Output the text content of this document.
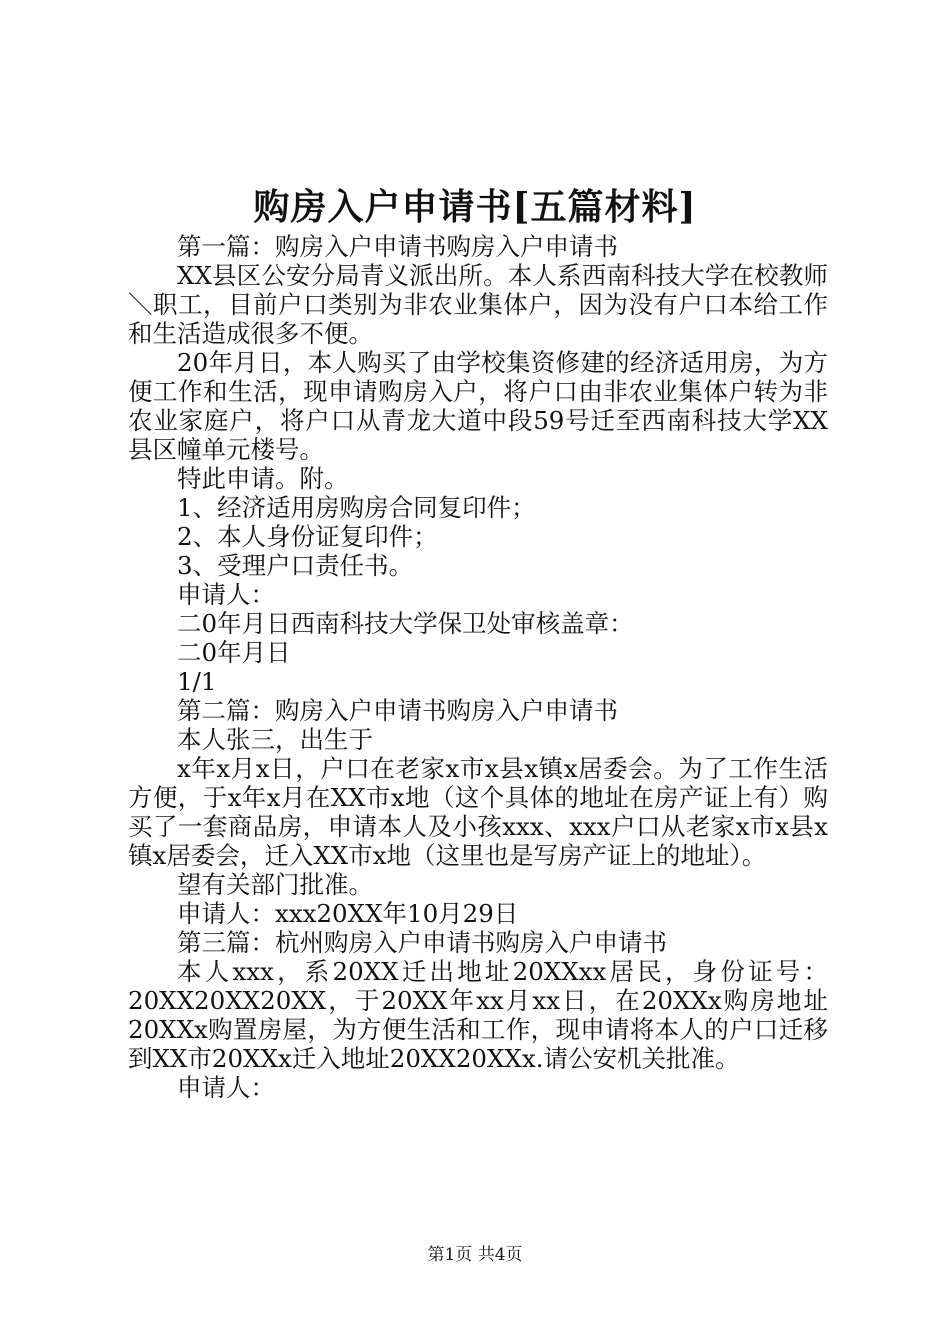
购房入户申请书[五篇材料]

第一篇：购房入户申请书购房入户申请书

XX县区公安分局青义派出所。本人系西南科技大学在校教师＼职工，目前户口类别为非农业集体户，因为没有户口本给工作和生活造成很多不便。

20年月日，本人购买了由学校集资修建的经济适用房，为方便工作和生活，现申请购房入户，将户口由非农业集体户转为非农业家庭户，将户口从青龙大道中段59号迁至西南科技大学XX县区幢单元楼号。

特此申请。附。

1、经济适用房购房合同复印件；

2、本人身份证复印件；

3、受理户口责任书。

申请人：

二0年月日西南科技大学保卫处审核盖章：

二0年月日

1/1

第二篇：购房入户申请书购房入户申请书

本人张三，出生于

x年x月x日，户口在老家x市x县x镇x居委会。为了工作生活方便，于x年x月在XX市x地（这个具体的地址在房产证上有）购买了一套商品房，申请本人及小孩xxx、xxx户口从老家x市x县x镇x居委会，迁入XX市x地（这里也是写房产证上的地址）。

望有关部门批准。

申请人：xxx20XX年10月29日

第三篇：杭州购房入户申请书购房入户申请书

本人xxx，系20XX迁出地址20XXxx居民，身份证号：20XX20XX20XX，于20XX年xx月xx日，在20XXx购房地址20XXx购置房屋，为方便生活和工作，现申请将本人的户口迁移到XX市20XXx迁入地址20XX20XXx.请公安机关批准。

申请人：

第1页 共4页
